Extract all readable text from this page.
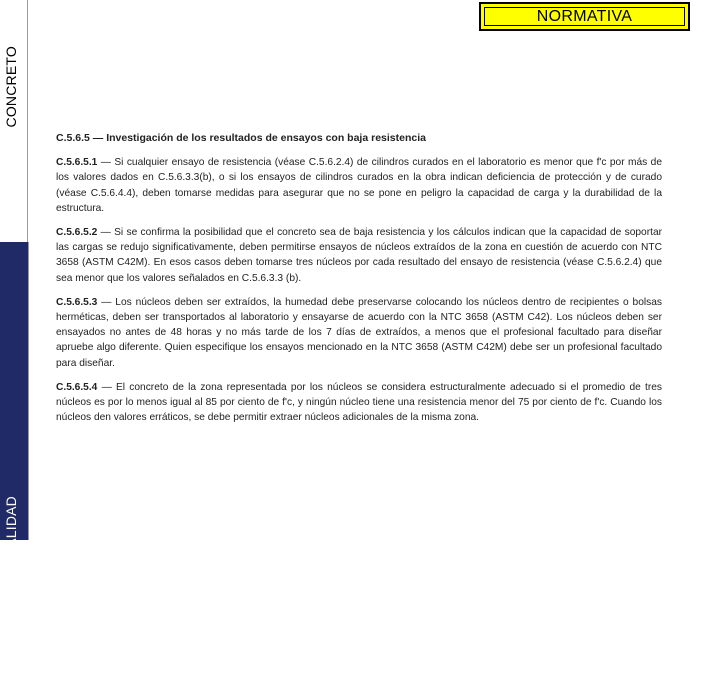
CONCRETO
ESPACIO Y MATERIALIDAD
NORMATIVA
C.5.6.5 — Investigación de los resultados de ensayos con baja resistencia
C.5.6.5.1 — Si cualquier ensayo de resistencia (véase C.5.6.2.4) de cilindros curados en el laboratorio es menor que f'c por más de los valores dados en C.5.6.3.3(b), o si los ensayos de cilindros curados en la obra indican deficiencia de protección y de curado (véase C.5.6.4.4), deben tomarse medidas para asegurar que no se pone en peligro la capacidad de carga y la durabilidad de la estructura.
C.5.6.5.2 — Si se confirma la posibilidad que el concreto sea de baja resistencia y los cálculos indican que la capacidad de soportar las cargas se redujo significativamente, deben permitirse ensayos de núcleos extraídos de la zona en cuestión de acuerdo con NTC 3658 (ASTM C42M). En esos casos deben tomarse tres núcleos por cada resultado del ensayo de resistencia (véase C.5.6.2.4) que sea menor que los valores señalados en C.5.6.3.3 (b).
C.5.6.5.3 — Los núcleos deben ser extraídos, la humedad debe preservarse colocando los núcleos dentro de recipientes o bolsas herméticas, deben ser transportados al laboratorio y ensayarse de acuerdo con la NTC 3658 (ASTM C42). Los núcleos deben ser ensayados no antes de 48 horas y no más tarde de los 7 días de extraídos, a menos que el profesional facultado para diseñar apruebe algo diferente. Quien especifique los ensayos mencionado en la NTC 3658 (ASTM C42M) debe ser un profesional facultado para diseñar.
C.5.6.5.4 — El concreto de la zona representada por los núcleos se considera estructuralmente adecuado si el promedio de tres núcleos es por lo menos igual al 85 por ciento de f'c, y ningún núcleo tiene una resistencia menor del 75 por ciento de f'c. Cuando los núcleos den valores erráticos, se debe permitir extraer núcleos adicionales de la misma zona.
